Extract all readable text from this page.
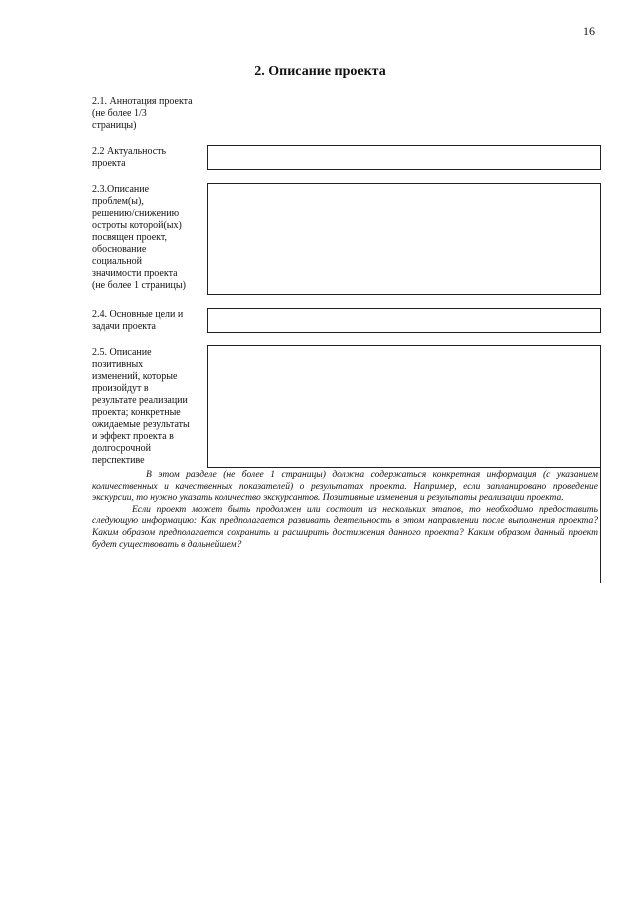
16
2. Описание проекта
2.1. Аннотация проекта
(не более 1/3
страницы)
2.2 Актуальность
проекта
2.3.Описание
проблем(ы),
решению/снижению
остроты которой(ых)
посвящен проект,
обоснование
социальной
значимости проекта
(не более 1 страницы)
2.4. Основные цели и
задачи проекта
2.5. Описание
позитивных
изменений, которые
произойдут в
результате реализации
проекта; конкретные
ожидаемые результаты
и эффект проекта в
долгосрочной
перспективе

В этом разделе (не более 1 страницы) должна содержаться конкретная информация (с указанием количественных и качественных показателей) о результатах проекта. Например, если запланировано проведение экскурсии, то нужно указать количество экскурсантов. Позитивные изменения и результаты реализации проекта.

Если проект может быть продолжен или состоит из нескольких этапов, то необходимо предоставить следующую информацию: Как предполагается развивать деятельность в этом направлении после выполнения проекта? Каким образом предполагается сохранить и расширить достижения данного проекта? Каким образом данный проект будет существовать в дальнейшем?
